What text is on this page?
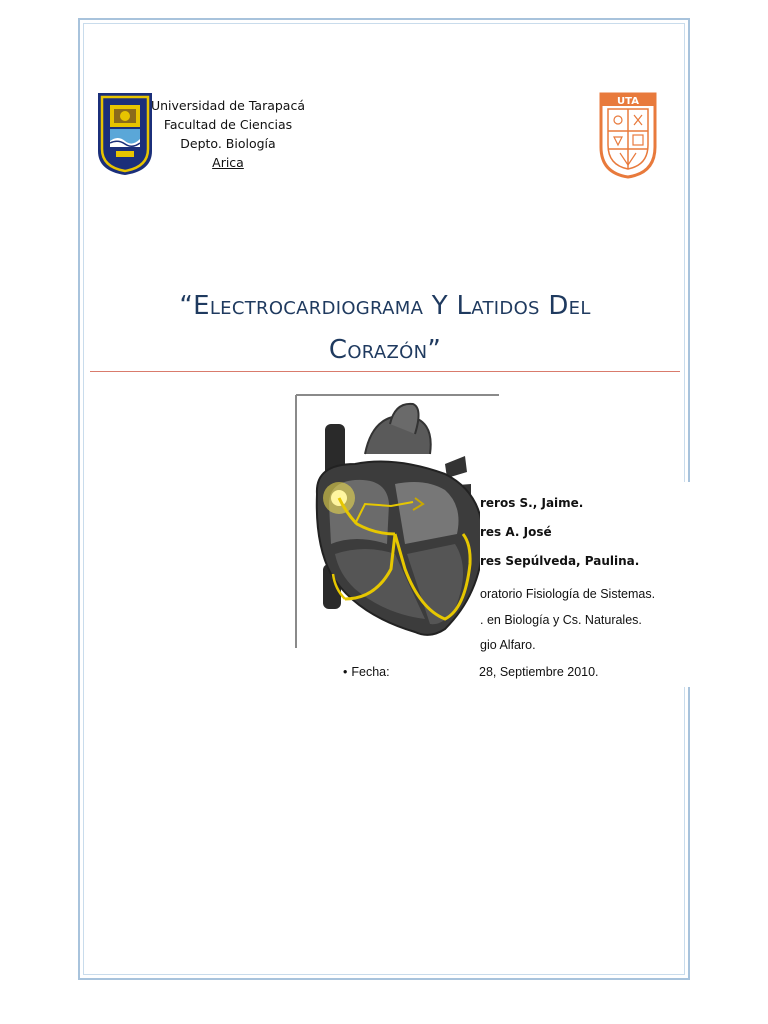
Universidad de Tarapacá
Facultad de Ciencias
Depto. Biología
Arica
UTA
“Electrocardiograma Y Latidos Del
Corazón”
reros S., Jaime.
res A. José
res Sepúlveda, Paulina.
oratorio Fisiología de Sistemas.
. en Biología y Cs. Naturales.
gio Alfaro.
• Fecha:	28, Septiembre 2010.
